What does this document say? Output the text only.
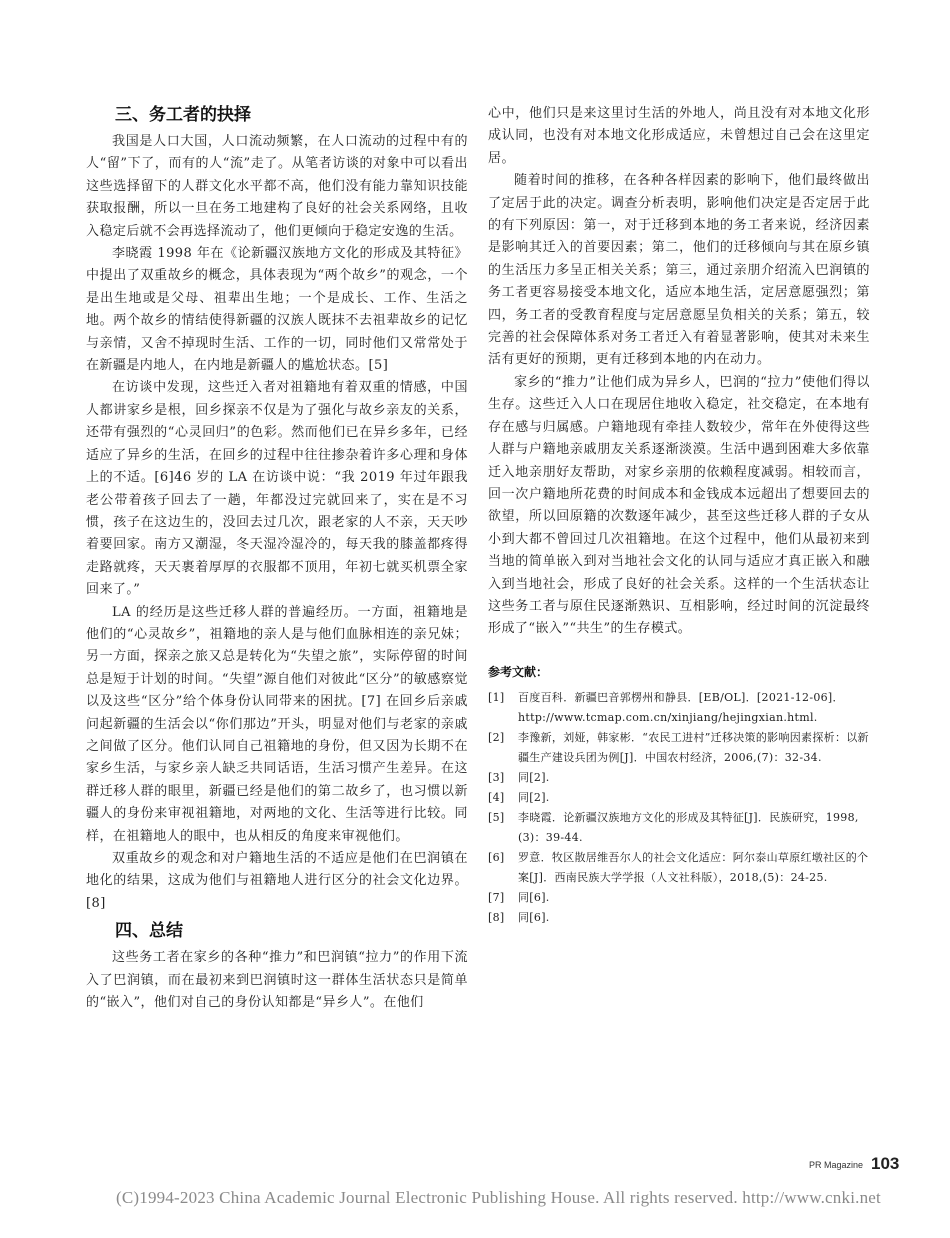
三、务工者的抉择

我国是人口大国，人口流动频繁，在人口流动的过程中有的人“留”下了，而有的人“流”走了。从笔者访谈的对象中可以看出这些选择留下的人群文化水平都不高，他们没有能力靠知识技能获取报酬，所以一旦在务工地建构了良好的社会关系网络，且收入稳定后就不会再选择流动了，他们更倾向于稳定安逸的生活。

李晓霞 1998 年在《论新疆汉族地方文化的形成及其特征》中提出了双重故乡的概念，具体表现为“两个故乡”的观念，一个是出生地或是父母、祖辈出生地；一个是成长、工作、生活之地。两个故乡的情结使得新疆的汉族人既抹不去祖辈故乡的记忆与亲情，又舍不掉现时生活、工作的一切，同时他们又常常处于在新疆是内地人，在内地是新疆人的尴尬状态。[5]

在访谈中发现，这些迁入者对祖籍地有着双重的情感，中国人都讲家乡是根，回乡探亲不仅是为了强化与故乡亲友的关系，还带有强烈的“心灵回归”的色彩。然而他们已在异乡多年，已经适应了异乡的生活，在回乡的过程中往往掺杂着许多心理和身体上的不适。[6]46 岁的 LA 在访谈中说：“我 2019 年过年跟我老公带着孩子回去了一趟，年都没过完就回来了，实在是不习惯，孩子在这边生的，没回去过几次，跟老家的人不亲，天天吵着要回家。南方又潮湿，冬天湿冷湿冷的，每天我的膝盖都疼得走路就疼，天天裹着厚厚的衣服都不顶用，年初七就买机票全家回来了。”

LA 的经历是这些迁移人群的普遍经历。一方面，祖籍地是他们的“心灵故乡”，祖籍地的亲人是与他们血脉相连的亲兄妹；另一方面，探亲之旅又总是转化为“失望之旅”，实际停留的时间总是短于计划的时间。“失望”源自他们对彼此“区分”的敏感察觉以及这些“区分”给个体身份认同带来的困扰。[7] 在回乡后亲戚问起新疆的生活会以“你们那边”开头，明显对他们与老家的亲戚之间做了区分。他们认同自己祖籍地的身份，但又因为长期不在家乡生活，与家乡亲人缺乏共同话语，生活习惯产生差异。在这群迁移人群的眼里，新疆已经是他们的第二故乡了，也习惯以新疆人的身份来审视祖籍地，对两地的文化、生活等进行比较。同样，在祖籍地人的眼中，也从相反的角度来审视他们。

双重故乡的观念和对户籍地生活的不适应是他们在巴润镇在地化的结果，这成为他们与祖籍地人进行区分的社会文化边界。[8]

四、总结

这些务工者在家乡的各种“推力”和巴润镇“拉力”的作用下流入了巴润镇，而在最初来到巴润镇时这一群体生活状态只是简单的“嵌入”，他们对自己的身份认知都是“异乡人”。在他们

心中，他们只是来这里讨生活的外地人，尚且没有对本地文化形成认同，也没有对本地文化形成适应，未曾想过自己会在这里定居。

随着时间的推移，在各种各样因素的影响下，他们最终做出了定居于此的决定。调查分析表明，影响他们决定是否定居于此的有下列原因：第一，对于迁移到本地的务工者来说，经济因素是影响其迁入的首要因素；第二，他们的迁移倾向与其在原乡镇的生活压力多呈正相关关系；第三，通过亲朋介绍流入巴润镇的务工者更容易接受本地文化，适应本地生活，定居意愿强烈；第四，务工者的受教育程度与定居意愿呈负相关的关系；第五，较完善的社会保障体系对务工者迁入有着显著影响，使其对未来生活有更好的预期，更有迁移到本地的内在动力。

家乡的“推力”让他们成为异乡人，巴润的“拉力”使他们得以生存。这些迁入人口在现居住地收入稳定，社交稳定，在本地有存在感与归属感。户籍地现有牵挂人数较少，常年在外使得这些人群与户籍地亲戚朋友关系逐渐淡漠。生活中遇到困难大多依靠迁入地亲朋好友帮助，对家乡亲朋的依赖程度减弱。相较而言，回一次户籍地所花费的时间成本和金钱成本远超出了想要回去的欲望，所以回原籍的次数逐年减少，甚至这些迁移人群的子女从小到大都不曾回过几次祖籍地。在这个过程中，他们从最初来到当地的简单嵌入到对当地社会文化的认同与适应才真正嵌入和融入到当地社会，形成了良好的社会关系。这样的一个生活状态让这些务工者与原住民逐渐熟识、互相影响，经过时间的沉淀最终形成了“嵌入”“共生”的生存模式。

参考文献：
[1]	百度百科．新疆巴音郭楞州和静县．[EB/OL]．[2021-12-06]．http://www.tcmap.com.cn/xinjiang/hejingxian.html.
[2]	李豫新，刘娅，韩家彬．“农民工进村”迁移决策的影响因素探析：以新疆生产建设兵团为例[J]．中国农村经济，2006,(7)：32-34.
[3]	同[2].
[4]	同[2].
[5]	李晓霞．论新疆汉族地方文化的形成及其特征[J]．民族研究，1998,(3)：39-44.
[6]	罗意．牧区散居维吾尔人的社会文化适应：阿尔泰山草原红墩社区的个案[J]．西南民族大学学报（人文社科版），2018,(5)：24-25.
[7]	同[6].
[8]	同[6].
PR Magazine 103
(C)1994-2023 China Academic Journal Electronic Publishing House. All rights reserved. http://www.cnki.net
